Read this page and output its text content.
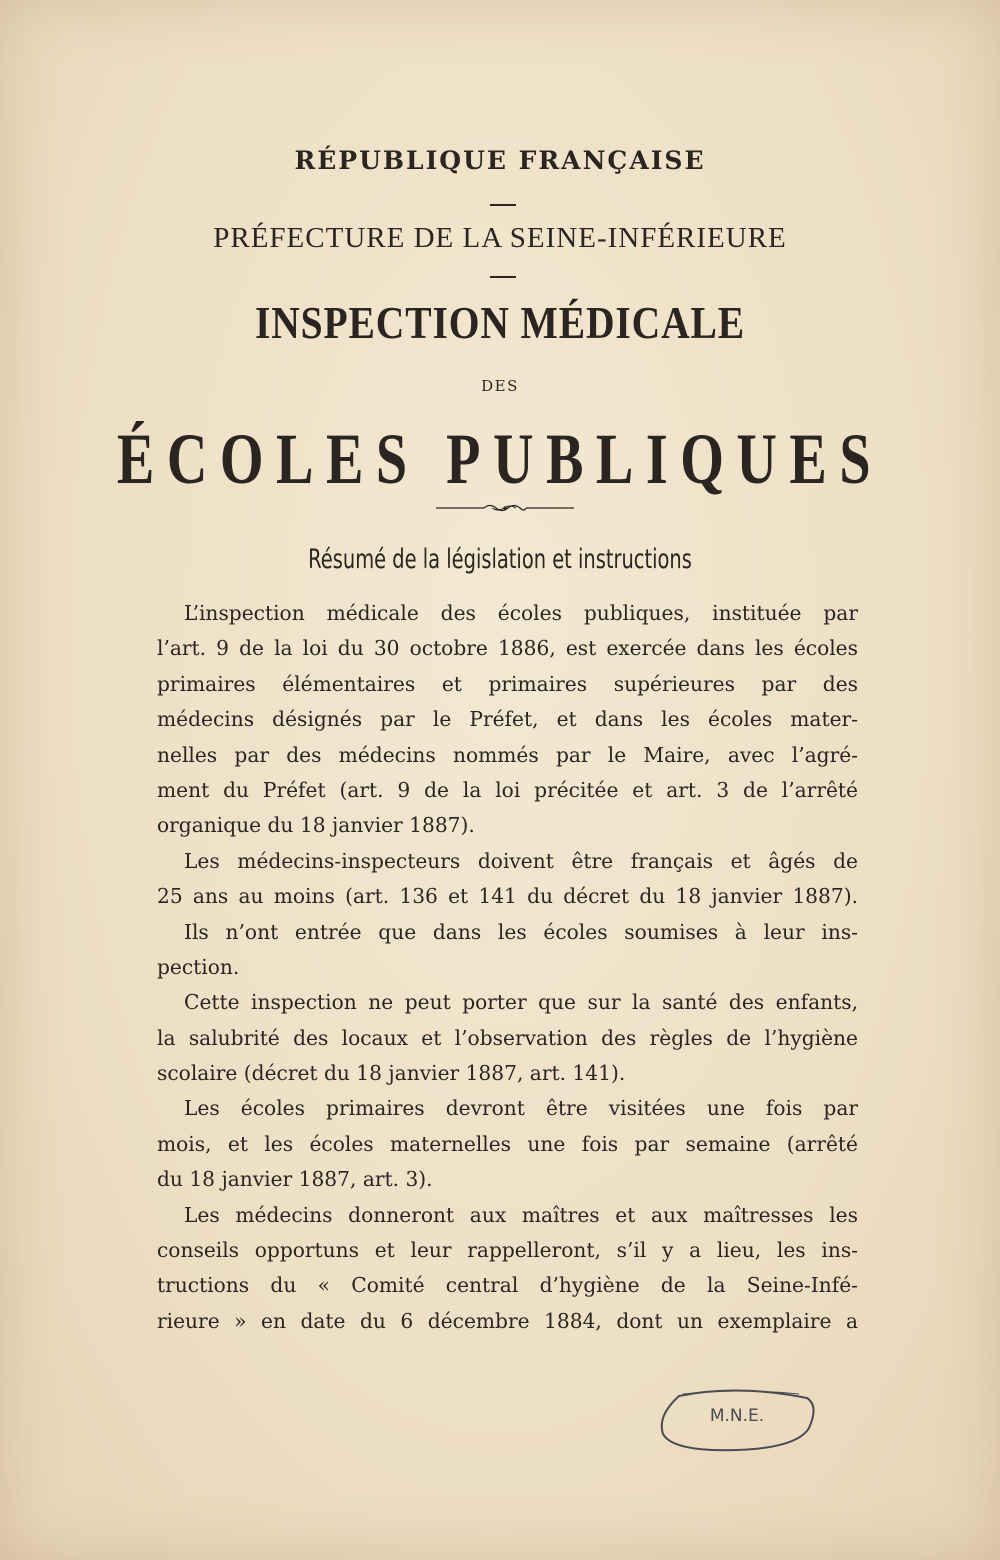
RÉPUBLIQUE FRANÇAISE
PRÉFECTURE DE LA SEINE-INFÉRIEURE
INSPECTION MÉDICALE
DES
ÉCOLES PUBLIQUES
Résumé de la législation et instructions
L’inspection médicale des écoles publiques, instituée par
l’art. 9 de la loi du 30 octobre 1886, est exercée dans les écoles
primaires élémentaires et primaires supérieures par des
médecins désignés par le Préfet, et dans les écoles mater-
nelles par des médecins nommés par le Maire, avec l’agré-
ment du Préfet (art. 9 de la loi précitée et art. 3 de l’arrêté
organique du 18 janvier 1887).
Les médecins-inspecteurs doivent être français et âgés de
25 ans au moins (art. 136 et 141 du décret du 18 janvier 1887).
Ils n’ont entrée que dans les écoles soumises à leur ins-
pection.
Cette inspection ne peut porter que sur la santé des enfants,
la salubrité des locaux et l’observation des règles de l’hygiène
scolaire (décret du 18 janvier 1887, art. 141).
Les écoles primaires devront être visitées une fois par
mois, et les écoles maternelles une fois par semaine (arrêté
du 18 janvier 1887, art. 3).
Les médecins donneront aux maîtres et aux maîtresses les
conseils opportuns et leur rappelleront, s’il y a lieu, les ins-
tructions du « Comité central d’hygiène de la Seine-Infé-
rieure » en date du 6 décembre 1884, dont un exemplaire a
M.N.E.
